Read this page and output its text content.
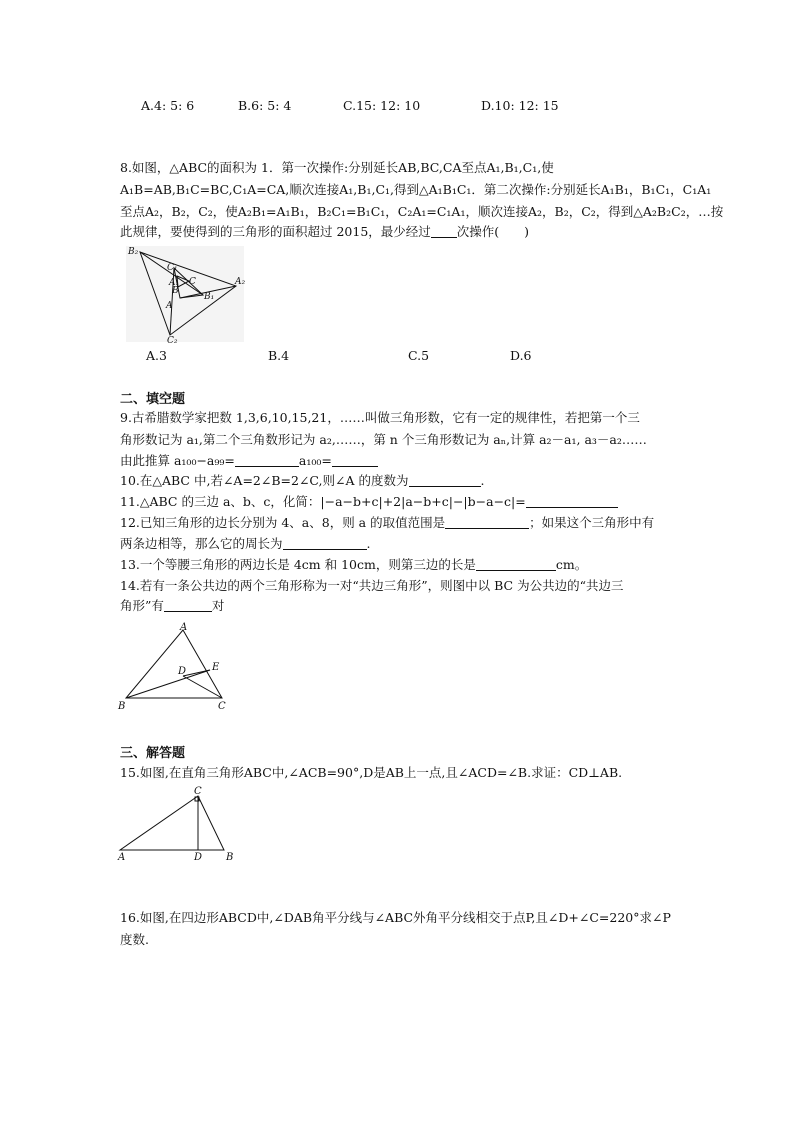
A.4: 5: 6	B.6: 5: 4	C.15: 12: 10	D.10: 12: 15
8.如图，△ABC的面积为 1．第一次操作:分别延长AB,BC,CA至点A₁,B₁,C₁,使
A₁B=AB,B₁C=BC,C₁A=CA,顺次连接A₁,B₁,C₁,得到△A₁B₁C₁．第二次操作:分别延长A₁B₁，B₁C₁，C₁A₁
至点A₂，B₂，C₂，使A₂B₁=A₁B₁，B₂C₁=B₁C₁，C₂A₁=C₁A₁，顺次连接A₂，B₂，C₂，得到△A₂B₂C₂，…按
此规律，要使得到的三角形的面积超过 2015，最少经过 次操作(　　)
B₂
C₁
A₁
B
C
B₁
A₂
A
C₂
A.3	B.4	C.5	D.6
二、填空题
9.古希腊数学家把数 1,3,6,10,15,21，……叫做三角形数，它有一定的规律性，若把第一个三
角形数记为 a₁,第二个三角数形记为 a₂,……，第 n 个三角形数记为 aₙ,计算 a₂－a₁, a₃－a₂……
由此推算 a₁₀₀−a₉₉=	a₁₀₀=
10.在△ABC 中,若∠A=2∠B=2∠C,则∠A 的度数为	.
11.△ABC 的三边 a、b、c，化简：|−a−b+c|+2|a−b+c|−|b−a−c|=
12.已知三角形的边长分别为 4、a、8，则 a 的取值范围是	；如果这个三角形中有
两条边相等，那么它的周长为	.
13.一个等腰三角形的两边长是 4cm 和 10cm，则第三边的长是	cm。
14.若有一条公共边的两个三角形称为一对“共边三角形”，则图中以 BC 为公共边的“共边三
角形”有	对
A
E
D
B	C
三、解答题
15.如图,在直角三角形ABC中,∠ACB=90°,D是AB上一点,且∠ACD=∠B.求证：CD⊥AB.
C
A	D B
16.如图,在四边形ABCD中,∠DAB角平分线与∠ABC外角平分线相交于点P,且∠D+∠C=220°求∠P
度数.
